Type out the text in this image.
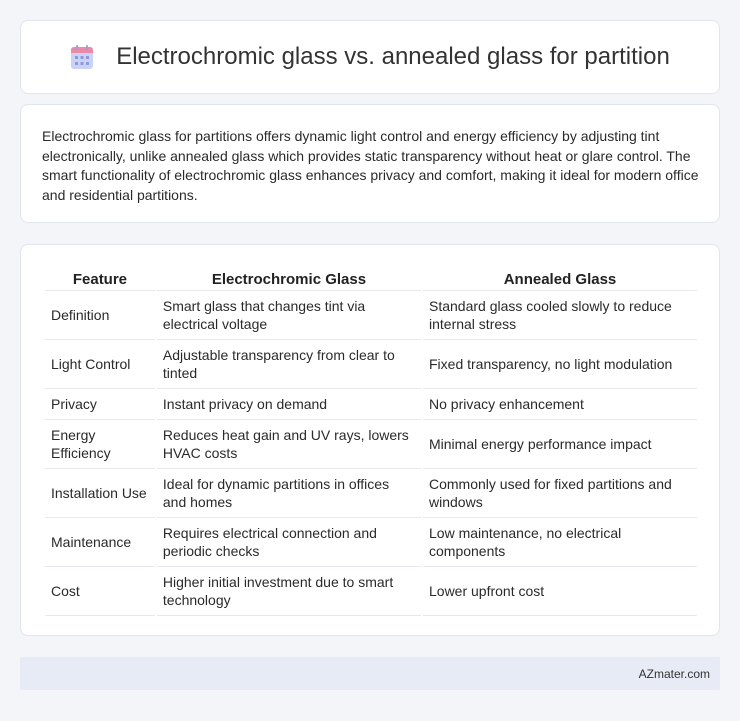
Electrochromic glass vs. annealed glass for partition

Electrochromic glass for partitions offers dynamic light control and energy efficiency by adjusting tint electronically, unlike annealed glass which provides static transparency without heat or glare control. The smart functionality of electrochromic glass enhances privacy and comfort, making it ideal for modern office and residential partitions.

Feature	Electrochromic Glass	Annealed Glass
Definition	Smart glass that changes tint via electrical voltage	Standard glass cooled slowly to reduce internal stress
Light Control	Adjustable transparency from clear to tinted	Fixed transparency, no light modulation
Privacy	Instant privacy on demand	No privacy enhancement
Energy Efficiency	Reduces heat gain and UV rays, lowers HVAC costs	Minimal energy performance impact
Installation Use	Ideal for dynamic partitions in offices and homes	Commonly used for fixed partitions and windows
Maintenance	Requires electrical connection and periodic checks	Low maintenance, no electrical components
Cost	Higher initial investment due to smart technology	Lower upfront cost
AZmater.com
